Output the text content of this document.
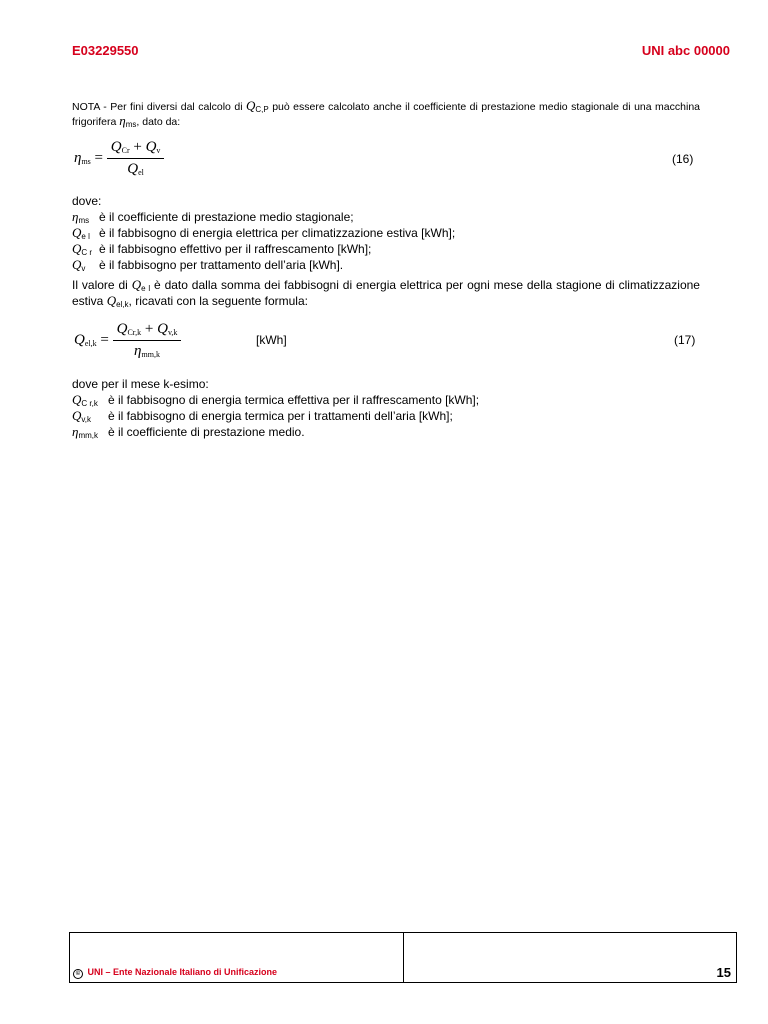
E03229550	UNI abc 00000
NOTA - Per fini diversi dal calcolo di $Q_{C,P}$ può essere calcolato anche il coefficiente di prestazione medio stagionale di una macchina frigorifera $\eta_{ms}$, dato da:
$\eta_{ms} = \frac{Q_{Cr} + Q_v}{Q_{el}}$	(16)
dove:
$\eta_{ms}$ è il coefficiente di prestazione medio stagionale;
$Q_{e l}$ è il fabbisogno di energia elettrica per climatizzazione estiva [kWh];
$Q_{C r}$ è il fabbisogno effettivo per il raffrescamento [kWh];
$Q_v$ è il fabbisogno per trattamento dell’aria [kWh].
Il valore di $Q_{e l}$ è dato dalla somma dei fabbisogni di energia elettrica per ogni mese della stagione di climatizzazione estiva $Q_{el,k}$, ricavati con la seguente formula:
$Q_{el,k} = \frac{Q_{Cr,k} + Q_{v,k}}{\eta_{mm,k}}$	[kWh]	(17)
dove per il mese k-esimo:
$Q_{C r,k}$ è il fabbisogno di energia termica effettiva per il raffrescamento [kWh];
$Q_{v,k}$ è il fabbisogno di energia termica per i trattamenti dell’aria [kWh];
$\eta_{mm,k}$ è il coefficiente di prestazione medio.
© UNI – Ente Nazionale Italiano di Unificazione	15
